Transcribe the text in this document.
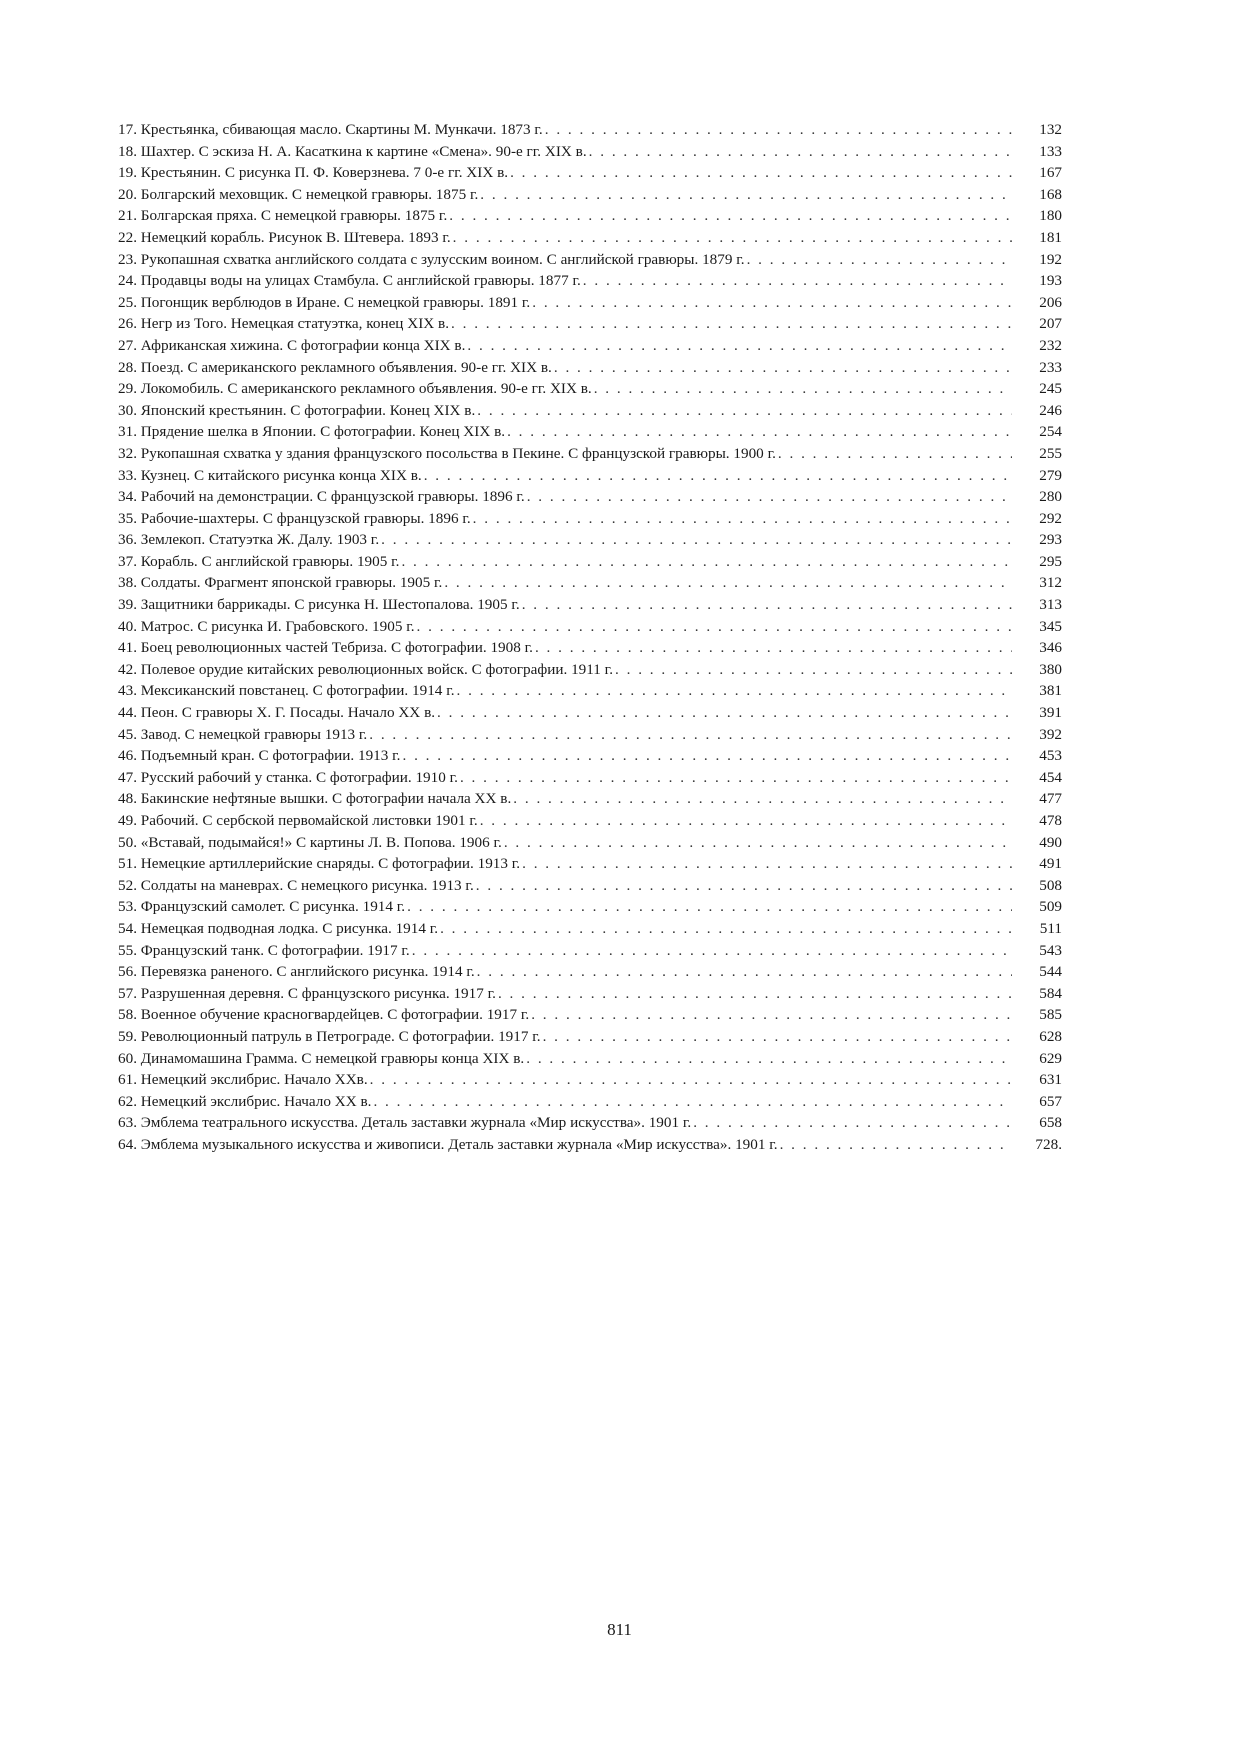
17. Крестьянка, сбивающая масло. Скартины М. Мункачи. 1873 г. . . .	132
18. Шахтер. С эскиза Н. А. Касаткина к картине «Смена». 90-е гг. XIX в. . . .	133
19. Крестьянин. С рисунка П. Ф. Коверзнева. 7 0-е гг. XIX в. . . .	167
20. Болгарский меховщик. С немецкой гравюры. 1875 г. . . .	168
21. Болгарская пряха. С немецкой гравюры. 1875 г. . . .	180
22. Немецкий корабль. Рисунок В. Штевера. 1893 г. . . .	181
23. Рукопашная схватка английского солдата с зулусским воином. С английской гравюры. 1879 г. . . .	192
24. Продавцы воды на улицах Стамбула. С английской гравюры. 1877 г. . . .	193
25. Погонщик верблюдов в Иране. С немецкой гравюры. 1891 г. . . .	206
26. Негр из Того. Немецкая статуэтка, конец XIX в. . . .	207
27. Африканская хижина. С фотографии конца XIX в. . . .	232
28. Поезд. С американского рекламного объявления. 90-е гг. XIX в. . . .	233
29. Локомобиль. С американского рекламного объявления. 90-е гг. XIX в. . . .	245
30. Японский крестьянин. С фотографии. Конец XIX в. . . .	246
31. Прядение шелка в Японии. С фотографии. Конец XIX в. . . .	254
32. Рукопашная схватка у здания французского посольства в Пекине. С французской гравюры. 1900 г. . . .	255
33. Кузнец. С китайского рисунка конца XIX в. . . .	279
34. Рабочий на демонстрации. С французской гравюры. 1896 г. . . .	280
35. Рабочие-шахтеры. С французской гравюры. 1896 г. . . .	292
36. Землекоп. Статуэтка Ж. Далу. 1903 г. . . .	293
37. Корабль. С английской гравюры. 1905 г. . . .	295
38. Солдаты. Фрагмент японской гравюры. 1905 г. . . .	312
39. Защитники баррикады. С рисунка Н. Шестопалова. 1905 г. . . .	313
40. Матрос. С рисунка И. Грабовского. 1905 г. . . .	345
41. Боец революционных частей Тебриза. С фотографии. 1908 г. . . .	346
42. Полевое орудие китайских революционных войск. С фотографии. 1911 г. . . .	380
43. Мексиканский повстанец. С фотографии. 1914 г. . . .	381
44. Пеон. С гравюры Х. Г. Посады. Начало XX в. . . .	391
45. Завод. С немецкой гравюры 1913 г. . . .	392
46. Подъемный кран. С фотографии. 1913 г. . . .	453
47. Русский рабочий у станка. С фотографии. 1910 г. . . .	454
48. Бакинские нефтяные вышки. С фотографии начала XX в. . . .	477
49. Рабочий. С сербской первомайской листовки 1901 г. . . .	478
50. «Вставай, подымайся!» С картины Л. В. Попова. 1906 г. . . .	490
51. Немецкие артиллерийские снаряды. С фотографии. 1913 г. . . .	491
52. Солдаты на маневрах. С немецкого рисунка. 1913 г. . . .	508
53. Французский самолет. С рисунка. 1914 г. . . .	509
54. Немецкая подводная лодка. С рисунка. 1914 г. . . .	511
55. Французский танк. С фотографии. 1917 г. . . .	543
56. Перевязка раненого. С английского рисунка. 1914 г. . . .	544
57. Разрушенная деревня. С французского рисунка. 1917 г. . . .	584
58. Военное обучение красногвардейцев. С фотографии. 1917 г. . . .	585
59. Революционный патруль в Петрограде. С фотографии. 1917 г. . . .	628
60. Динамомашина Грамма. С немецкой гравюры конца XIX в. . . .	629
61. Немецкий экслибрис. Начало XXв. . . .	631
62. Немецкий экслибрис. Начало XX в. . . .	657
63. Эмблема театрального искусства. Деталь заставки журнала «Мир искусства». 1901 г. . . .	658
64. Эмблема музыкального искусства и живописи. Деталь заставки журнала «Мир искусства». 1901 г. . . .	728.
811
